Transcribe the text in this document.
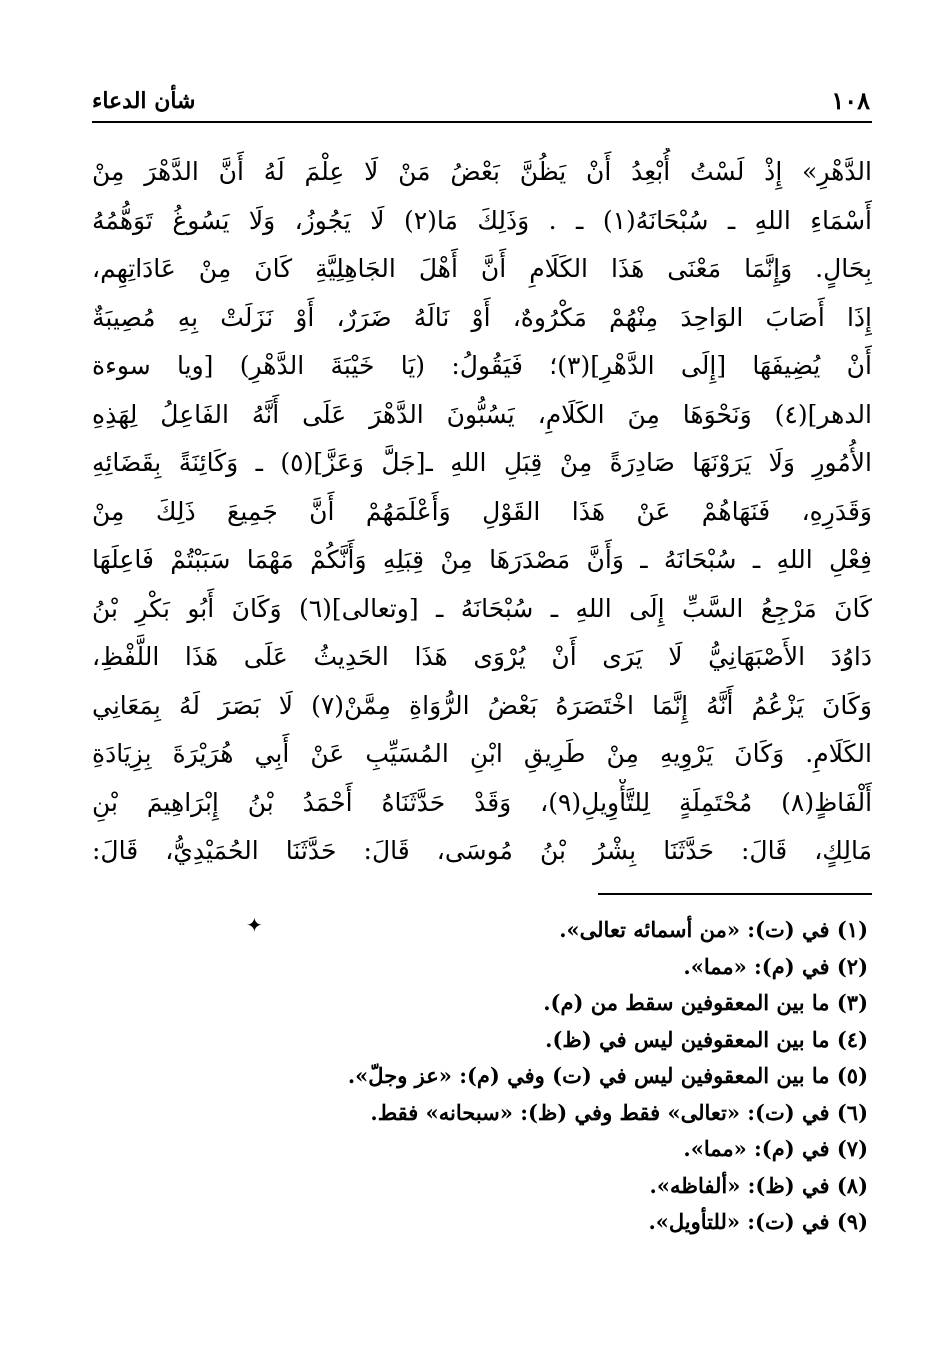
١٠٨
شأن الدعاء
الدَّهْرِ» إِذْ لَسْتُ أُبْعِدُ أَنْ يَظُنَّ بَعْضُ مَنْ لَا عِلْمَ لَهُ أَنَّ الدَّهْرَ مِنْ
أَسْمَاءِ اللهِ ـ سُبْحَانَهُ(١) ـ . وَذَلِكَ مَا(٢) لَا يَجُوزُ، وَلَا يَسُوغُ تَوَهُّمُهُ
بِحَالٍ. وَإِنَّمَا مَعْنَى هَذَا الكَلَامِ أَنَّ أَهْلَ الجَاهِلِيَّةِ كَانَ مِنْ عَادَاتِهِم،
إِذَا أَصَابَ الوَاحِدَ مِنْهُمْ مَكْرُوهٌ، أَوْ نَالَهُ ضَرَرٌ، أَوْ نَزَلَتْ بِهِ مُصِيبَةٌ
أَنْ يُضِيفَهَا [إِلَى الدَّهْرِ](٣)؛ فَيَقُولُ: (يَا خَيْبَةَ الدَّهْرِ) [ويا سوءة
الدهر](٤) وَنَحْوَهَا مِنَ الكَلَامِ، يَسُبُّونَ الدَّهْرَ عَلَى أَنَّهُ الفَاعِلُ لِهَذِهِ
الأُمُورِ وَلَا يَرَوْنَهَا صَادِرَةً مِنْ قِبَلِ اللهِ ـ[جَلَّ وَعَزَّ](٥) ـ وَكَائِنَةً بِقَضَائِهِ
وَقَدَرِهِ، فَنَهَاهُمْ عَنْ هَذَا القَوْلِ وَأَعْلَمَهُمْ أَنَّ جَمِيعَ ذَلِكَ مِنْ
فِعْلِ اللهِ ـ سُبْحَانَهُ ـ وَأَنَّ مَصْدَرَهَا مِنْ قِبَلِهِ وَأَنَّكُمْ مَهْمَا سَبَبْتُمْ فَاعِلَهَا
كَانَ مَرْجِعُ السَّبِّ إِلَى اللهِ ـ سُبْحَانَهُ ـ [وتعالى](٦) وَكَانَ أَبُو بَكْرِ بْنُ
دَاوُدَ الأَصْبَهَانِيُّ لَا يَرَى أَنْ يُرْوَى هَذَا الحَدِيثُ عَلَى هَذَا اللَّفْظِ،
وَكَانَ يَزْعُمُ أَنَّهُ إِنَّمَا اخْتَصَرَهُ بَعْضُ الرُّوَاةِ مِمَّنْ(٧) لَا بَصَرَ لَهُ بِمَعَانِي
الكَلَامِ. وَكَانَ يَرْوِيهِ مِنْ طَرِيقِ ابْنِ المُسَيِّبِ عَنْ أَبِي هُرَيْرَةَ بِزِيَادَةِ
أَلْفَاظٍ(٨) مُحْتَمِلَةٍ لِلتَّأْوِيلِ(٩)، وَقَدْ حَدَّثَنَاهُ أَحْمَدُ بْنُ إِبْرَاهِيمَ بْنِ
مَالِكٍ، قَالَ: حَدَّثَنَا بِشْرُ بْنُ مُوسَى، قَالَ: حَدَّثَنَا الحُمَيْدِيُّ، قَالَ:
✦	(١) في (ت): «من أسمائه تعالى».
(٢) في (م): «مما».
(٣) ما بين المعقوفين سقط من (م).
(٤) ما بين المعقوفين ليس في (ظ).
(٥) ما بين المعقوفين ليس في (ت) وفي (م): «عز وجلّ».
(٦) في (ت): «تعالى» فقط وفي (ظ): «سبحانه» فقط.
(٧) في (م): «مما».
(٨) في (ظ): «ألفاظه».
(٩) في (ت): «للتأويل».
